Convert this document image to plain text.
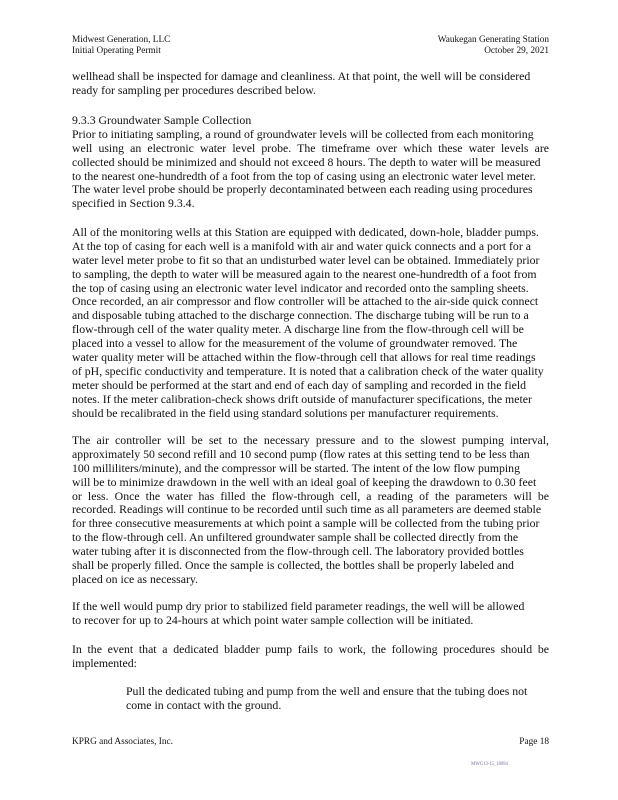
Midwest Generation, LLC
Initial Operating Permit
Waukegan Generating Station
October 29, 2021
wellhead shall be inspected for damage and cleanliness. At that point, the well will be considered
ready for sampling per procedures described below.
9.3.3 Groundwater Sample Collection
Prior to initiating sampling, a round of groundwater levels will be collected from each monitoring
well using an electronic water level probe. The timeframe over which these water levels are
collected should be minimized and should not exceed 8 hours. The depth to water will be measured
to the nearest one-hundredth of a foot from the top of casing using an electronic water level meter.
The water level probe should be properly decontaminated between each reading using procedures
specified in Section 9.3.4.
All of the monitoring wells at this Station are equipped with dedicated, down-hole, bladder pumps.
At the top of casing for each well is a manifold with air and water quick connects and a port for a
water level meter probe to fit so that an undisturbed water level can be obtained. Immediately prior
to sampling, the depth to water will be measured again to the nearest one-hundredth of a foot from
the top of casing using an electronic water level indicator and recorded onto the sampling sheets.
Once recorded, an air compressor and flow controller will be attached to the air-side quick connect
and disposable tubing attached to the discharge connection. The discharge tubing will be run to a
flow-through cell of the water quality meter. A discharge line from the flow-through cell will be
placed into a vessel to allow for the measurement of the volume of groundwater removed. The
water quality meter will be attached within the flow-through cell that allows for real time readings
of pH, specific conductivity and temperature. It is noted that a calibration check of the water quality
meter should be performed at the start and end of each day of sampling and recorded in the field
notes. If the meter calibration-check shows drift outside of manufacturer specifications, the meter
should be recalibrated in the field using standard solutions per manufacturer requirements.
The air controller will be set to the necessary pressure and to the slowest pumping interval,
approximately 50 second refill and 10 second pump (flow rates at this setting tend to be less than
100 milliliters/minute), and the compressor will be started. The intent of the low flow pumping
will be to minimize drawdown in the well with an ideal goal of keeping the drawdown to 0.30 feet
or less. Once the water has filled the flow-through cell, a reading of the parameters will be
recorded. Readings will continue to be recorded until such time as all parameters are deemed stable
for three consecutive measurements at which point a sample will be collected from the tubing prior
to the flow-through cell. An unfiltered groundwater sample shall be collected directly from the
water tubing after it is disconnected from the flow-through cell. The laboratory provided bottles
shall be properly filled. Once the sample is collected, the bottles shall be properly labeled and
placed on ice as necessary.
If the well would pump dry prior to stabilized field parameter readings, the well will be allowed
to recover for up to 24-hours at which point water sample collection will be initiated.
In the event that a dedicated bladder pump fails to work, the following procedures should be
implemented:
Pull the dedicated tubing and pump from the well and ensure that the tubing does not
come in contact with the ground.
KPRG and Associates, Inc.	Page 18
MWG13-15_18094
